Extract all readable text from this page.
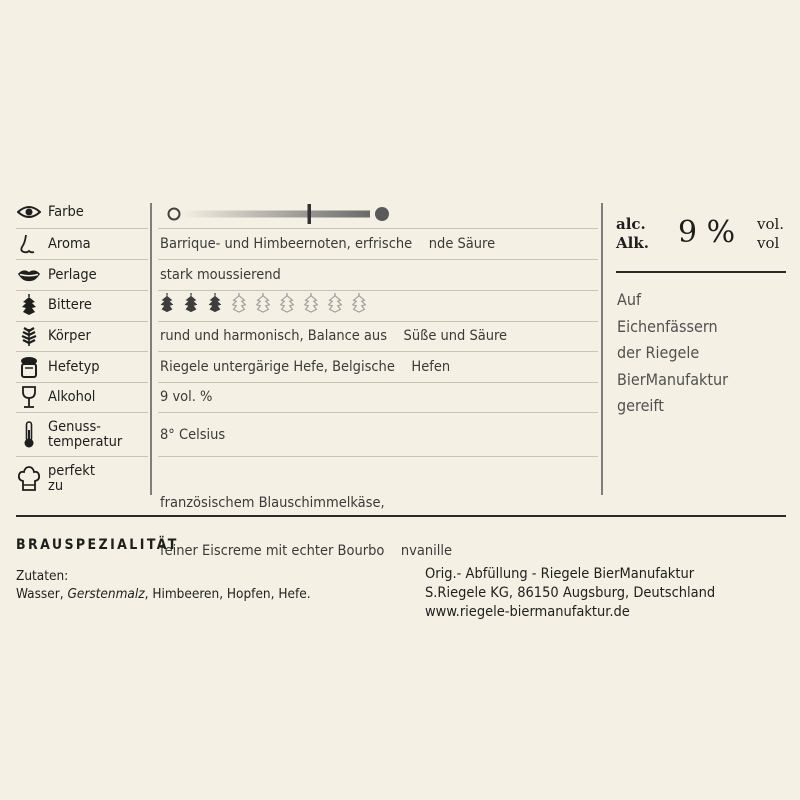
Farbe
Aroma
Perlage
Bittere
Körper
Hefetyp
Alkohol
Genuss-
temperatur
perfekt
zu
Barrique- und Himbeernoten, erfrische    nde Säure
stark moussierend
rund und harmonisch, Balance aus    Süße und Säure
Riegele untergärige Hefe, Belgische    Hefen
9 vol. %
8° Celsius

französischem Blauschimmelkäse,

feiner Eiscreme mit echter Bourbo    nvanille

alc.
Alk. 9 % vol.
vol
Auf
Eichenfässern
der Riegele
BierManufaktur
gereift
BRAUSPEZIALITÄT
Zutaten:
Wasser, Gerstenmalz, Himbeeren, Hopfen, Hefe.
Orig.- Abfüllung - Riegele BierManufaktur
S.Riegele KG, 86150 Augsburg, Deutschland
www.riegele-biermanufaktur.de
